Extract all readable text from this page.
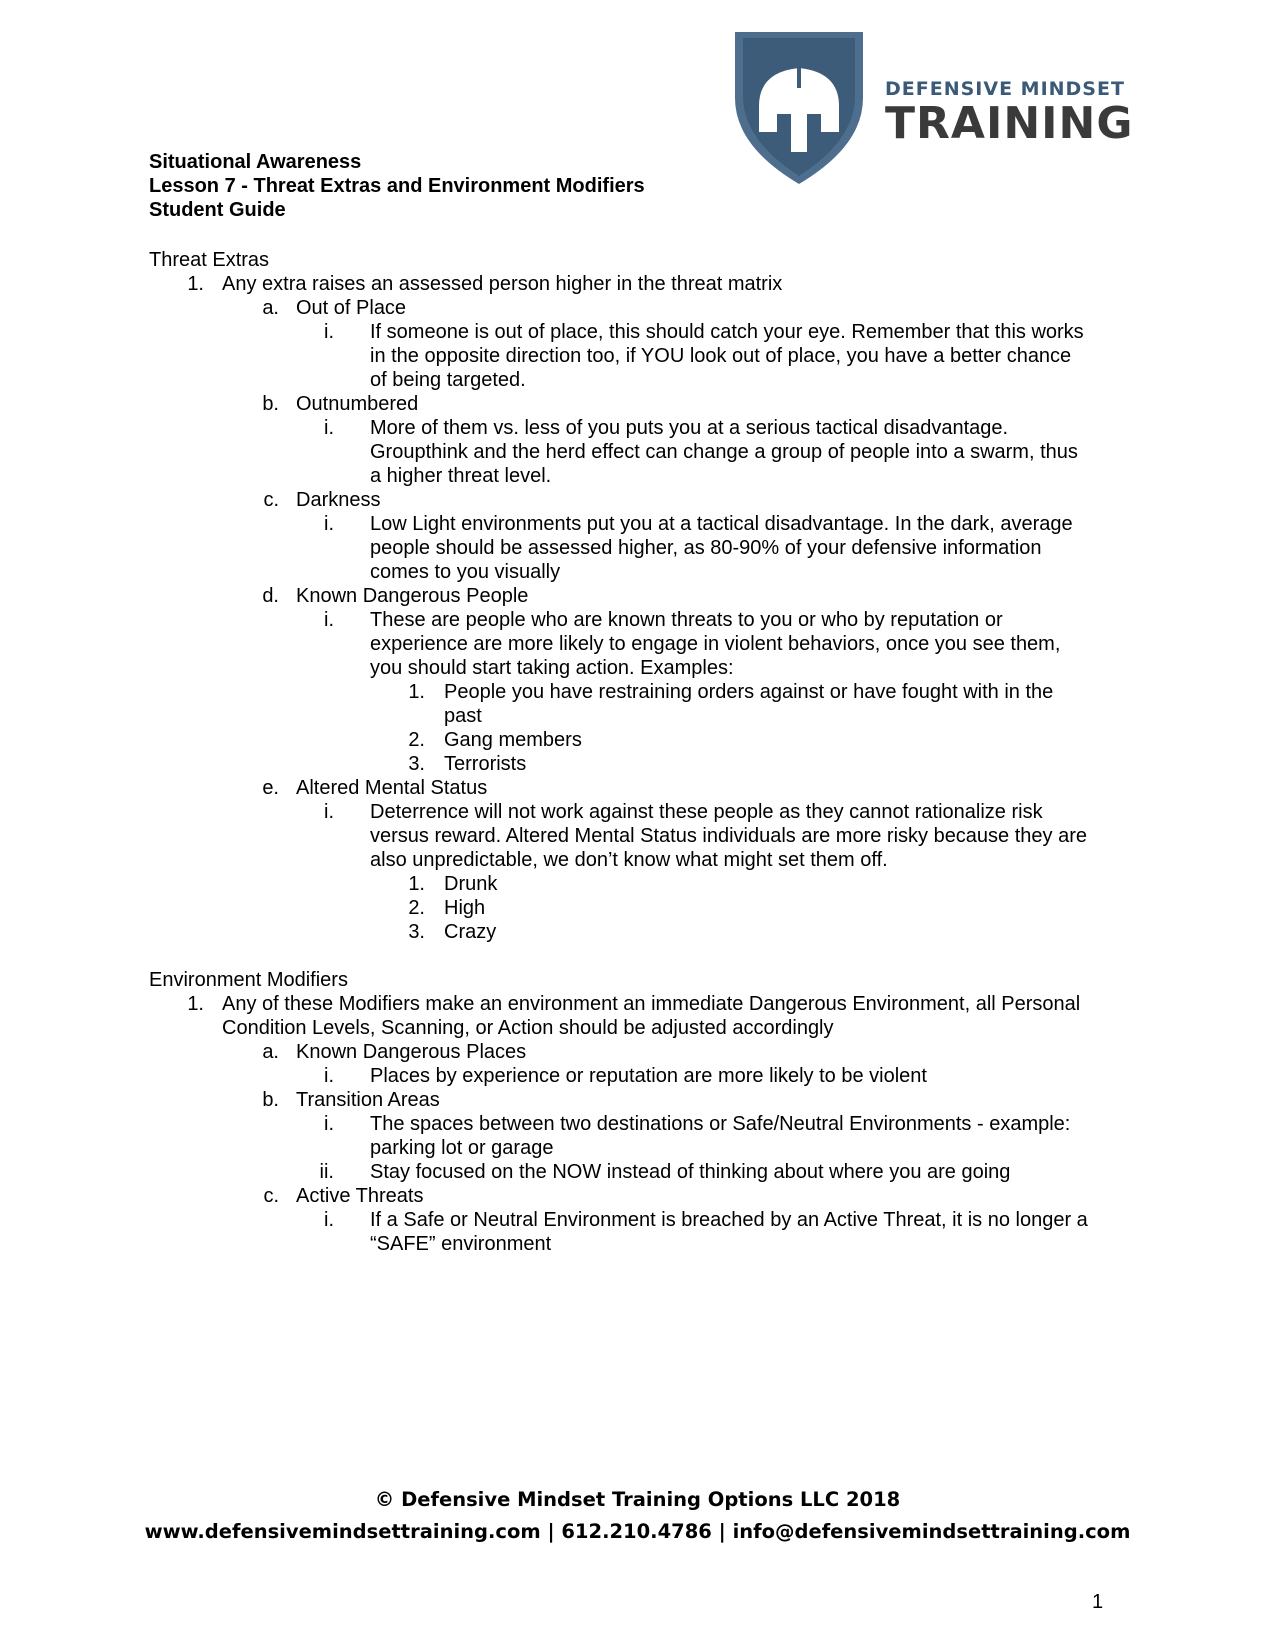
DEFENSIVE MINDSET
TRAINING
Situational Awareness
Lesson 7 - Threat Extras and Environment Modifiers
Student Guide
Threat Extras
1. Any extra raises an assessed person higher in the threat matrix
a. Out of Place
i. If someone is out of place, this should catch your eye. Remember that this works
in the opposite direction too, if YOU look out of place, you have a better chance
of being targeted.
b. Outnumbered
i. More of them vs. less of you puts you at a serious tactical disadvantage.
Groupthink and the herd effect can change a group of people into a swarm, thus
a higher threat level.
c. Darkness
i. Low Light environments put you at a tactical disadvantage. In the dark, average
people should be assessed higher, as 80-90% of your defensive information
comes to you visually
d. Known Dangerous People
i. These are people who are known threats to you or who by reputation or
experience are more likely to engage in violent behaviors, once you see them,
you should start taking action. Examples:
1. People you have restraining orders against or have fought with in the
past
2. Gang members
3. Terrorists
e. Altered Mental Status
i. Deterrence will not work against these people as they cannot rationalize risk
versus reward. Altered Mental Status individuals are more risky because they are
also unpredictable, we don’t know what might set them off.
1. Drunk
2. High
3. Crazy
Environment Modifiers
1. Any of these Modifiers make an environment an immediate Dangerous Environment, all Personal
Condition Levels, Scanning, or Action should be adjusted accordingly
a. Known Dangerous Places
i. Places by experience or reputation are more likely to be violent
b. Transition Areas
i. The spaces between two destinations or Safe/Neutral Environments - example:
parking lot or garage
ii. Stay focused on the NOW instead of thinking about where you are going
c. Active Threats
i. If a Safe or Neutral Environment is breached by an Active Threat, it is no longer a
“SAFE” environment
© Defensive Mindset Training Options LLC 2018
www.defensivemindsettraining.com | 612.210.4786 | info@defensivemindsettraining.com
1
